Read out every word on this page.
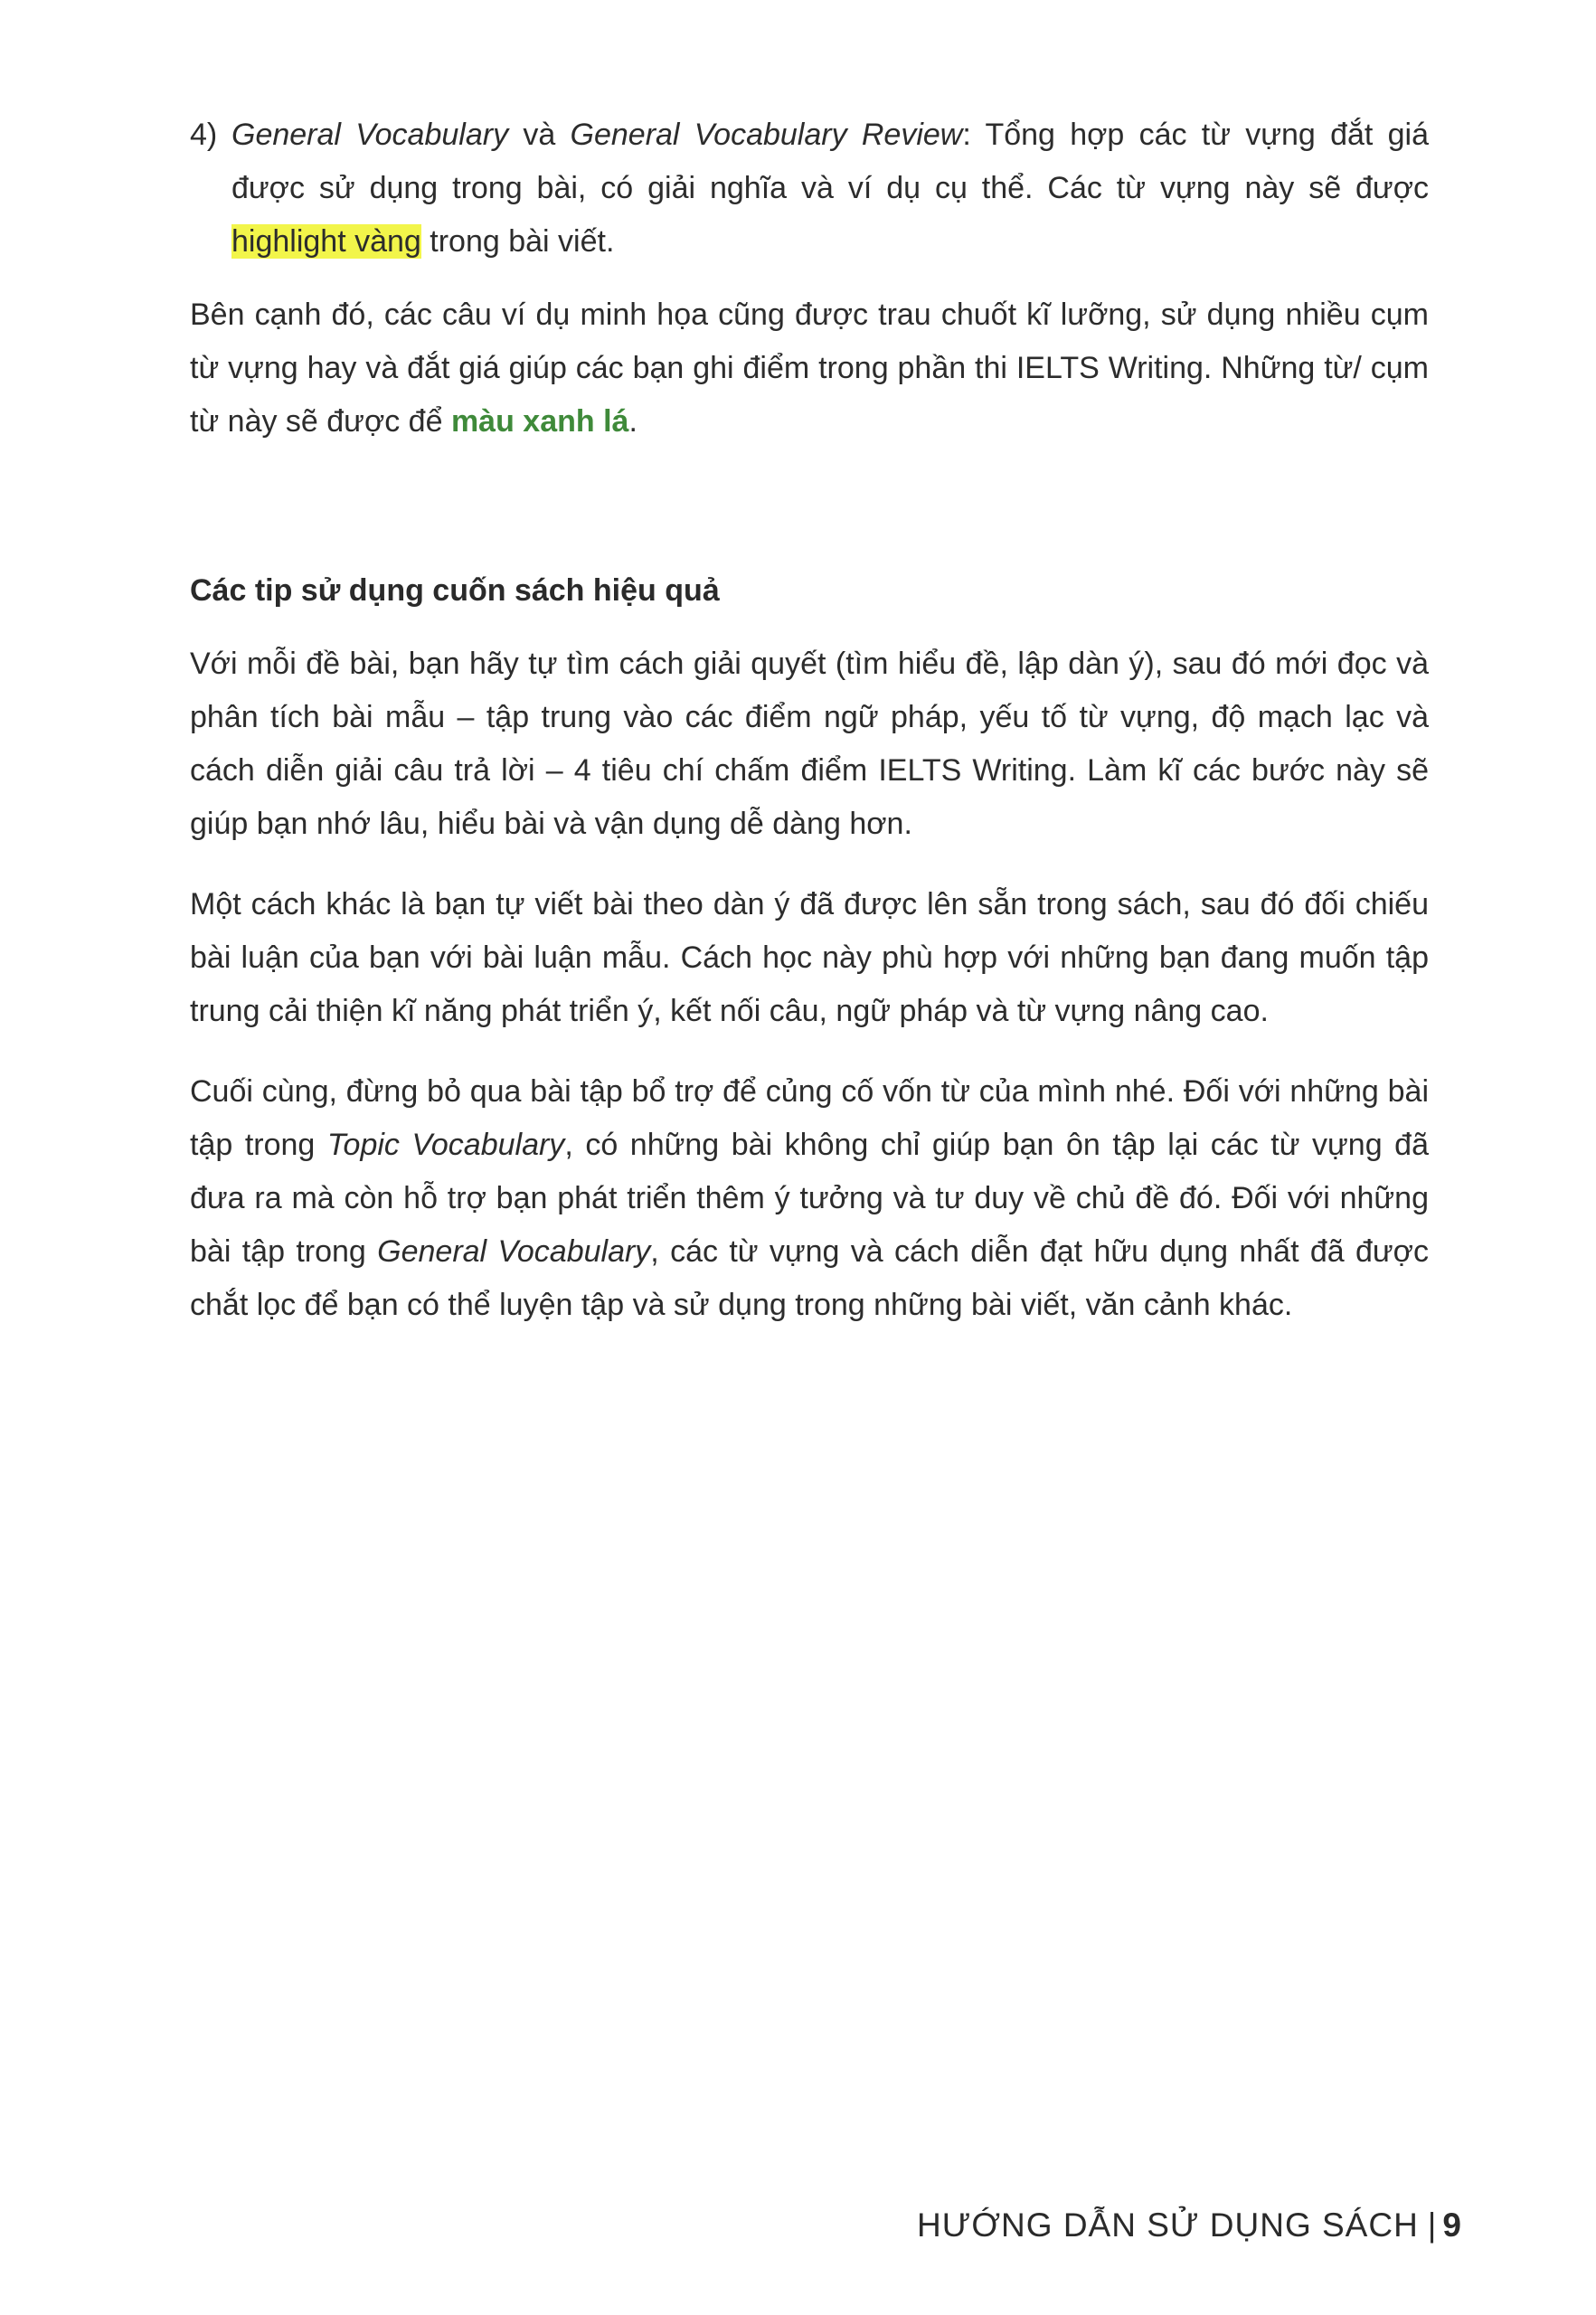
4) General Vocabulary và General Vocabulary Review: Tổng hợp các từ vựng đắt giá được sử dụng trong bài, có giải nghĩa và ví dụ cụ thể. Các từ vựng này sẽ được highlight vàng trong bài viết.

Bên cạnh đó, các câu ví dụ minh họa cũng được trau chuốt kĩ lưỡng, sử dụng nhiều cụm từ vựng hay và đắt giá giúp các bạn ghi điểm trong phần thi IELTS Writing. Những từ/ cụm từ này sẽ được để màu xanh lá.

Các tip sử dụng cuốn sách hiệu quả

Với mỗi đề bài, bạn hãy tự tìm cách giải quyết (tìm hiểu đề, lập dàn ý), sau đó mới đọc và phân tích bài mẫu – tập trung vào các điểm ngữ pháp, yếu tố từ vựng, độ mạch lạc và cách diễn giải câu trả lời – 4 tiêu chí chấm điểm IELTS Writing. Làm kĩ các bước này sẽ giúp bạn nhớ lâu, hiểu bài và vận dụng dễ dàng hơn.

Một cách khác là bạn tự viết bài theo dàn ý đã được lên sẵn trong sách, sau đó đối chiếu bài luận của bạn với bài luận mẫu. Cách học này phù hợp với những bạn đang muốn tập trung cải thiện kĩ năng phát triển ý, kết nối câu, ngữ pháp và từ vựng nâng cao.

Cuối cùng, đừng bỏ qua bài tập bổ trợ để củng cố vốn từ của mình nhé. Đối với những bài tập trong Topic Vocabulary, có những bài không chỉ giúp bạn ôn tập lại các từ vựng đã đưa ra mà còn hỗ trợ bạn phát triển thêm ý tưởng và tư duy về chủ đề đó. Đối với những bài tập trong General Vocabulary, các từ vựng và cách diễn đạt hữu dụng nhất đã được chắt lọc để bạn có thể luyện tập và sử dụng trong những bài viết, văn cảnh khác.

HƯỚNG DẪN SỬ DỤNG SÁCH | 9
